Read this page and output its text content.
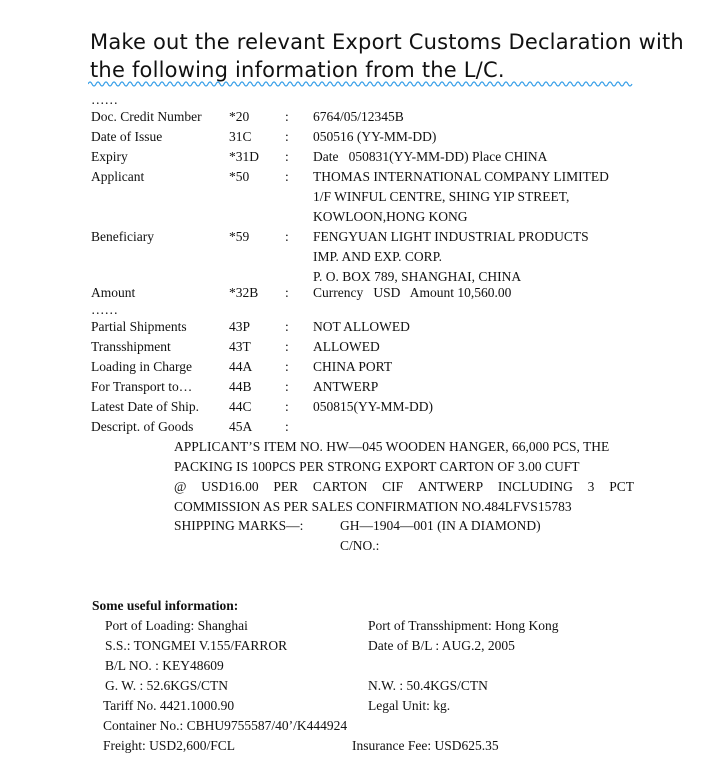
Make out the relevant Export Customs Declaration with
the following information from the L/C.
……
Doc. Credit Number *20	: 6764/05/12345B
Date of Issue	31C : 050516 (YY-MM-DD)
Expiry	*31D : Date   050831(YY-MM-DD) Place CHINA
Applicant	*50	: THOMAS INTERNATIONAL COMPANY LIMITED
1/F WINFUL CENTRE, SHING YIP STREET,
KOWLOON,HONG KONG
Beneficiary	*59	: FENGYUAN LIGHT INDUSTRIAL PRODUCTS
IMP. AND EXP. CORP.
P. O. BOX 789, SHANGHAI, CHINA
Amount	*32B : Currency   USD   Amount 10,560.00
……
Partial Shipments	43P	: NOT ALLOWED
Transshipment	43T	: ALLOWED
Loading in Charge	44A : CHINA PORT
For Transport to…	44B : ANTWERP
Latest Date of Ship. 44C : 050815(YY-MM-DD)
Descript. of Goods	45A :
APPLICANT’S ITEM NO. HW—045 WOODEN HANGER, 66,000 PCS, THE
PACKING IS 100PCS PER STRONG EXPORT CARTON OF 3.00 CUFT
@ USD16.00 PER CARTON CIF ANTWERP INCLUDING 3 PCT
COMMISSION AS PER SALES CONFIRMATION NO.484LFVS15783
SHIPPING MARKS—:	GH—1904—001 (IN A DIAMOND)
C/NO.:
Some useful information:
Port of Loading: Shanghai	Port of Transshipment: Hong Kong
S.S.: TONGMEI V.155/FARROR	Date of B/L : AUG.2, 2005
B/L NO. : KEY48609
G. W. : 52.6KGS/CTN	N.W. : 50.4KGS/CTN
Tariff No. 4421.1000.90	Legal Unit: kg.
Container No.: CBHU9755587/40’/K444924
Freight: USD2,600/FCL	Insurance Fee: USD625.35
